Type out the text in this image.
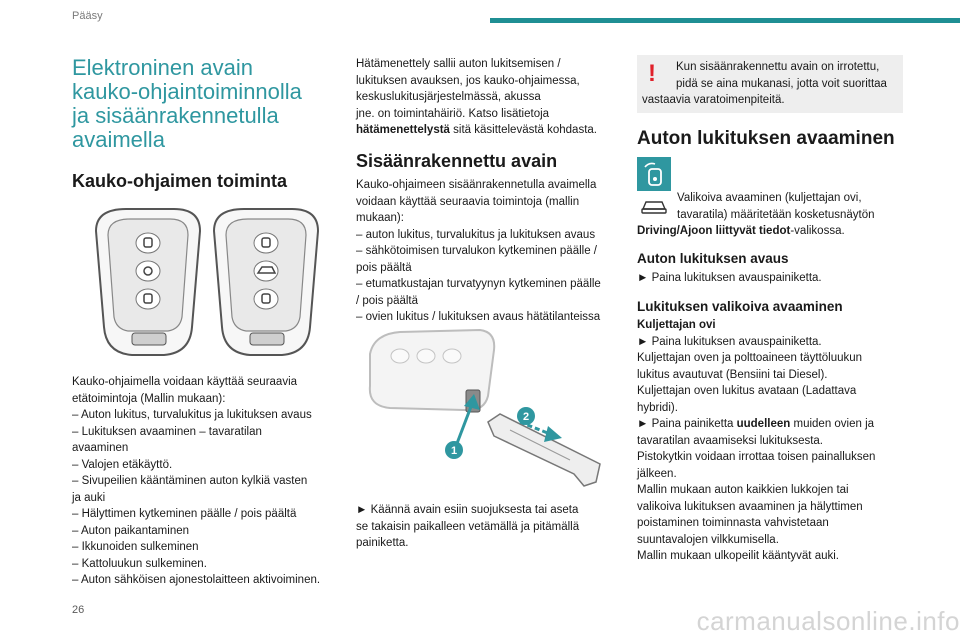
Pääsy
26	carmanualsonline.info
Elektroninen avain
kauko-ohjaintoiminnolla
ja sisäänrakennetulla
avaimella
Kauko-ohjaimen toiminta
Kauko-ohjaimella voidaan käyttää seuraavia
etätoimintoja (Mallin mukaan):
– Auton lukitus, turvalukitus ja lukituksen avaus
– Lukituksen avaaminen – tavaratilan
avaaminen
– Valojen etäkäyttö.
– Sivupeilien kääntäminen auton kylkiä vasten
ja auki
– Hälyttimen kytkeminen päälle / pois päältä
– Auton paikantaminen
– Ikkunoiden sulkeminen
– Kattoluukun sulkeminen.
– Auton sähköisen ajonestolaitteen aktivoiminen.
Hätämenettely sallii auton lukitsemisen /
lukituksen avauksen, jos kauko-ohjaimessa,
keskuslukitusjärjestelmässä, akussa
jne. on toimintahäiriö. Katso lisätietoja
hätämenettelystä sitä käsittelevästä kohdasta.
Sisäänrakennettu avain
Kauko-ohjaimeen sisäänrakennetulla avaimella
voidaan käyttää seuraavia toimintoja (mallin
mukaan):
– auton lukitus, turvalukitus ja lukituksen avaus
– sähkötoimisen turvalukon kytkeminen päälle /
pois päältä
– etumatkustajan turvatyynyn kytkeminen päälle
/ pois päältä
– ovien lukitus / lukituksen avaus hätätilanteissa
1
2
► Käännä avain esiin suojuksesta tai aseta
se takaisin paikalleen vetämällä ja pitämällä
painiketta.
! Kun sisäänrakennettu avain on irrotettu,
pidä se aina mukanasi, jotta voit suorittaa
vastaavia varatoimenpiteitä.
Auton lukituksen avaaminen
Valikoiva avaaminen (kuljettajan ovi,
tavaratila) määritetään kosketusnäytön
Driving/Ajoon liittyvät tiedot-valikossa.
Auton lukituksen avaus
► Paina lukituksen avauspainiketta.
Lukituksen valikoiva avaaminen
Kuljettajan ovi
► Paina lukituksen avauspainiketta.
Kuljettajan oven ja polttoaineen täyttöluukun
lukitus avautuvat (Bensiini tai Diesel).
Kuljettajan oven lukitus avataan (Ladattava
hybridi).
► Paina painiketta uudelleen muiden ovien ja
tavaratilan avaamiseksi lukituksesta.
Pistokytkin voidaan irrottaa toisen painalluksen
jälkeen.
Mallin mukaan auton kaikkien lukkojen tai
valikoiva lukituksen avaaminen ja hälyttimen
poistaminen toiminnasta vahvistetaan
suuntavalojen vilkkumisella.
Mallin mukaan ulkopeilit kääntyvät auki.
